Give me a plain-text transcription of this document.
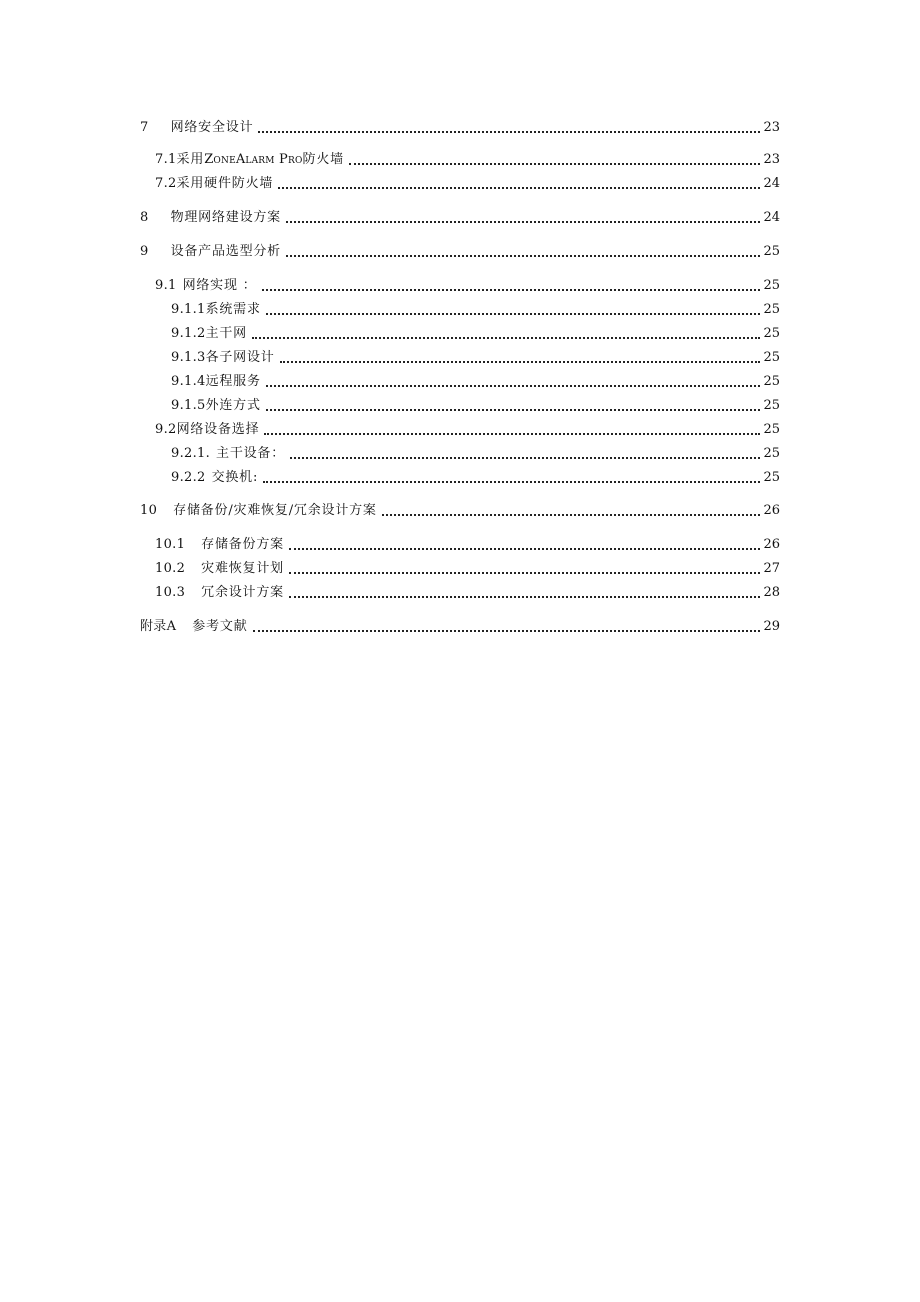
7 网络安全设计	23
7.1 采用ZoneAlarm Pro防火墙	23
7.2 采用硬件防火墙	24
8 物理网络建设方案	24
9 设备产品选型分析	25
9.1 网络实现 ：	25
9.1.1 系统需求	25
9.1.2 主干网	25
9.1.3 各子网设计	25
9.1.4 远程服务	25
9.1.5 外连方式	25
9.2 网络设备选择	25
9.2.1. 主干设备：	25
9.2.2 交换机:	25
10 存储备份/灾难恢复/冗余设计方案	26
10.1 存储备份方案	26
10.2 灾难恢复计划	27
10.3 冗余设计方案	28
附录A 参考文献	29
